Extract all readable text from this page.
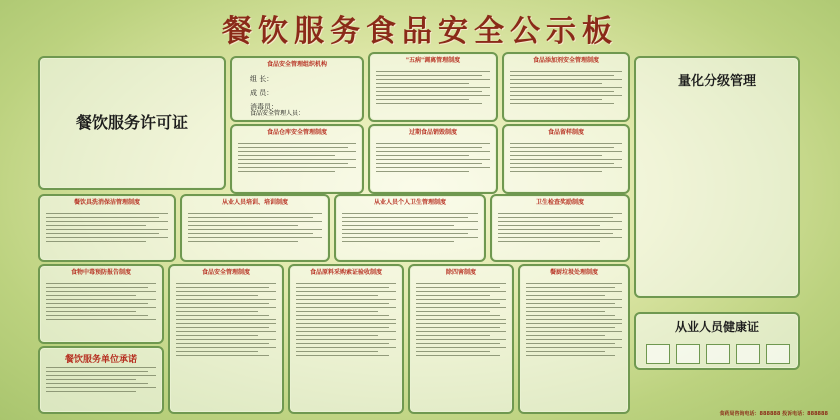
餐饮服务食品安全公示板
餐饮服务许可证
食品安全管理组织机构
组 长：
成 员：
消毒员：
食品安全管理人员：
"五病"调离管理制度	食品添加剂安全管理制度
量化分级管理
食品仓库安全管理制度	过期食品销毁制度	食品留样制度
餐饮具洗消保洁管理制度	从业人员培训、培训制度	从业人员个人卫生管理制度	卫生检查奖励制度
食物中毒预防报告制度
餐饮服务单位承诺
食品安全管理制度	食品原料采购索证验收制度	除四害制度	餐厨垃圾处理制度
从业人员健康证
食药局咨询电话：888888 投诉电话：888888
